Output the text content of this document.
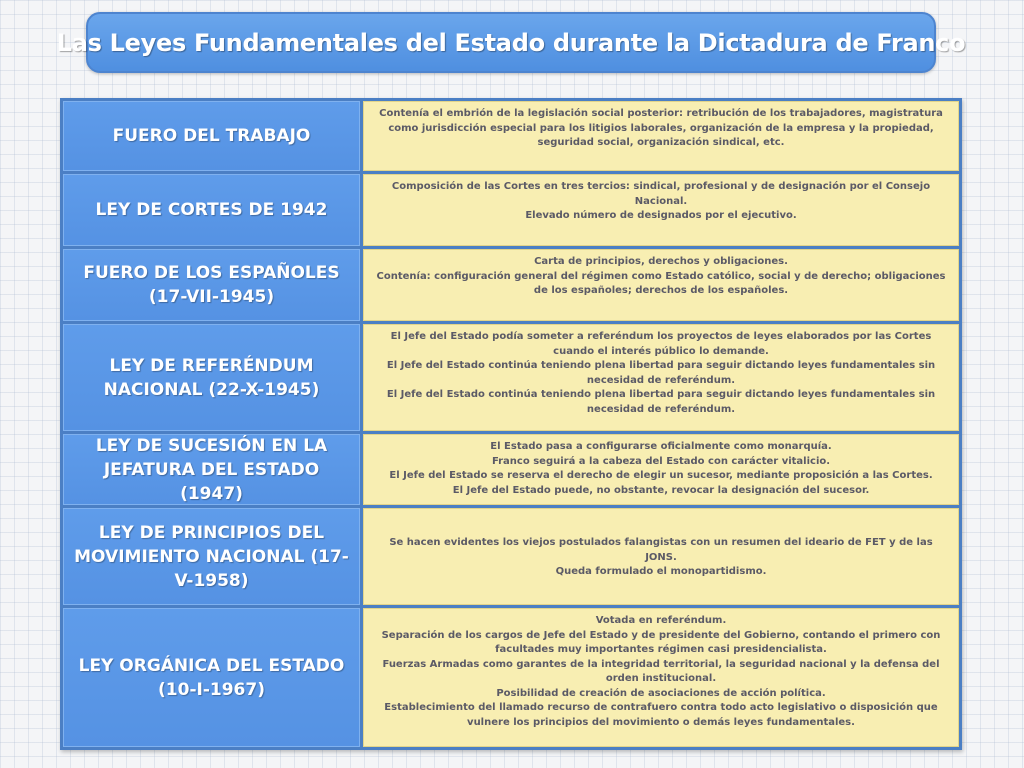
Las Leyes Fundamentales del Estado durante la Dictadura de Franco
FUERO DEL TRABAJO
Contenía el embrión de la legislación social posterior: retribución de los trabajadores, magistratura como jurisdicción especial para los litigios laborales, organización de la empresa y la propiedad, seguridad social, organización sindical, etc.
LEY DE CORTES DE 1942
Composición de las Cortes en tres tercios: sindical, profesional y de designación por el Consejo Nacional.
Elevado número de designados por el ejecutivo.
FUERO DE LOS ESPAÑOLES (17-VII-1945)
Carta de principios, derechos y obligaciones.
Contenía: configuración general del régimen como Estado católico, social y de derecho; obligaciones de los españoles; derechos de los españoles.
LEY DE REFERÉNDUM NACIONAL (22-X-1945)
El Jefe del Estado podía someter a referéndum los proyectos de leyes elaborados por las Cortes cuando el interés público lo demande.
El Jefe del Estado continúa teniendo plena libertad para seguir dictando leyes fundamentales sin necesidad de referéndum.
El Jefe del Estado continúa teniendo plena libertad para seguir dictando leyes fundamentales sin necesidad de referéndum.
LEY DE SUCESIÓN EN LA JEFATURA DEL ESTADO (1947)
El Estado pasa a configurarse oficialmente como monarquía.
Franco seguirá a la cabeza del Estado con carácter vitalicio.
El Jefe del Estado se reserva el derecho de elegir un sucesor, mediante proposición a las Cortes.
El Jefe del Estado puede, no obstante, revocar la designación del sucesor.
LEY DE PRINCIPIOS DEL MOVIMIENTO NACIONAL (17-V-1958)
Se hacen evidentes los viejos postulados falangistas con un resumen del ideario de FET y de las JONS.
Queda formulado el monopartidismo.
LEY ORGÁNICA DEL ESTADO (10-I-1967)
Votada en referéndum.
Separación de los cargos de Jefe del Estado y de presidente del Gobierno, contando el primero con facultades muy importantes régimen casi presidencialista.
Fuerzas Armadas como garantes de la integridad territorial, la seguridad nacional y la defensa del orden institucional.
Posibilidad de creación de asociaciones de acción política.
Establecimiento del llamado recurso de contrafuero contra todo acto legislativo o disposición que vulnere los principios del movimiento o demás leyes fundamentales.
